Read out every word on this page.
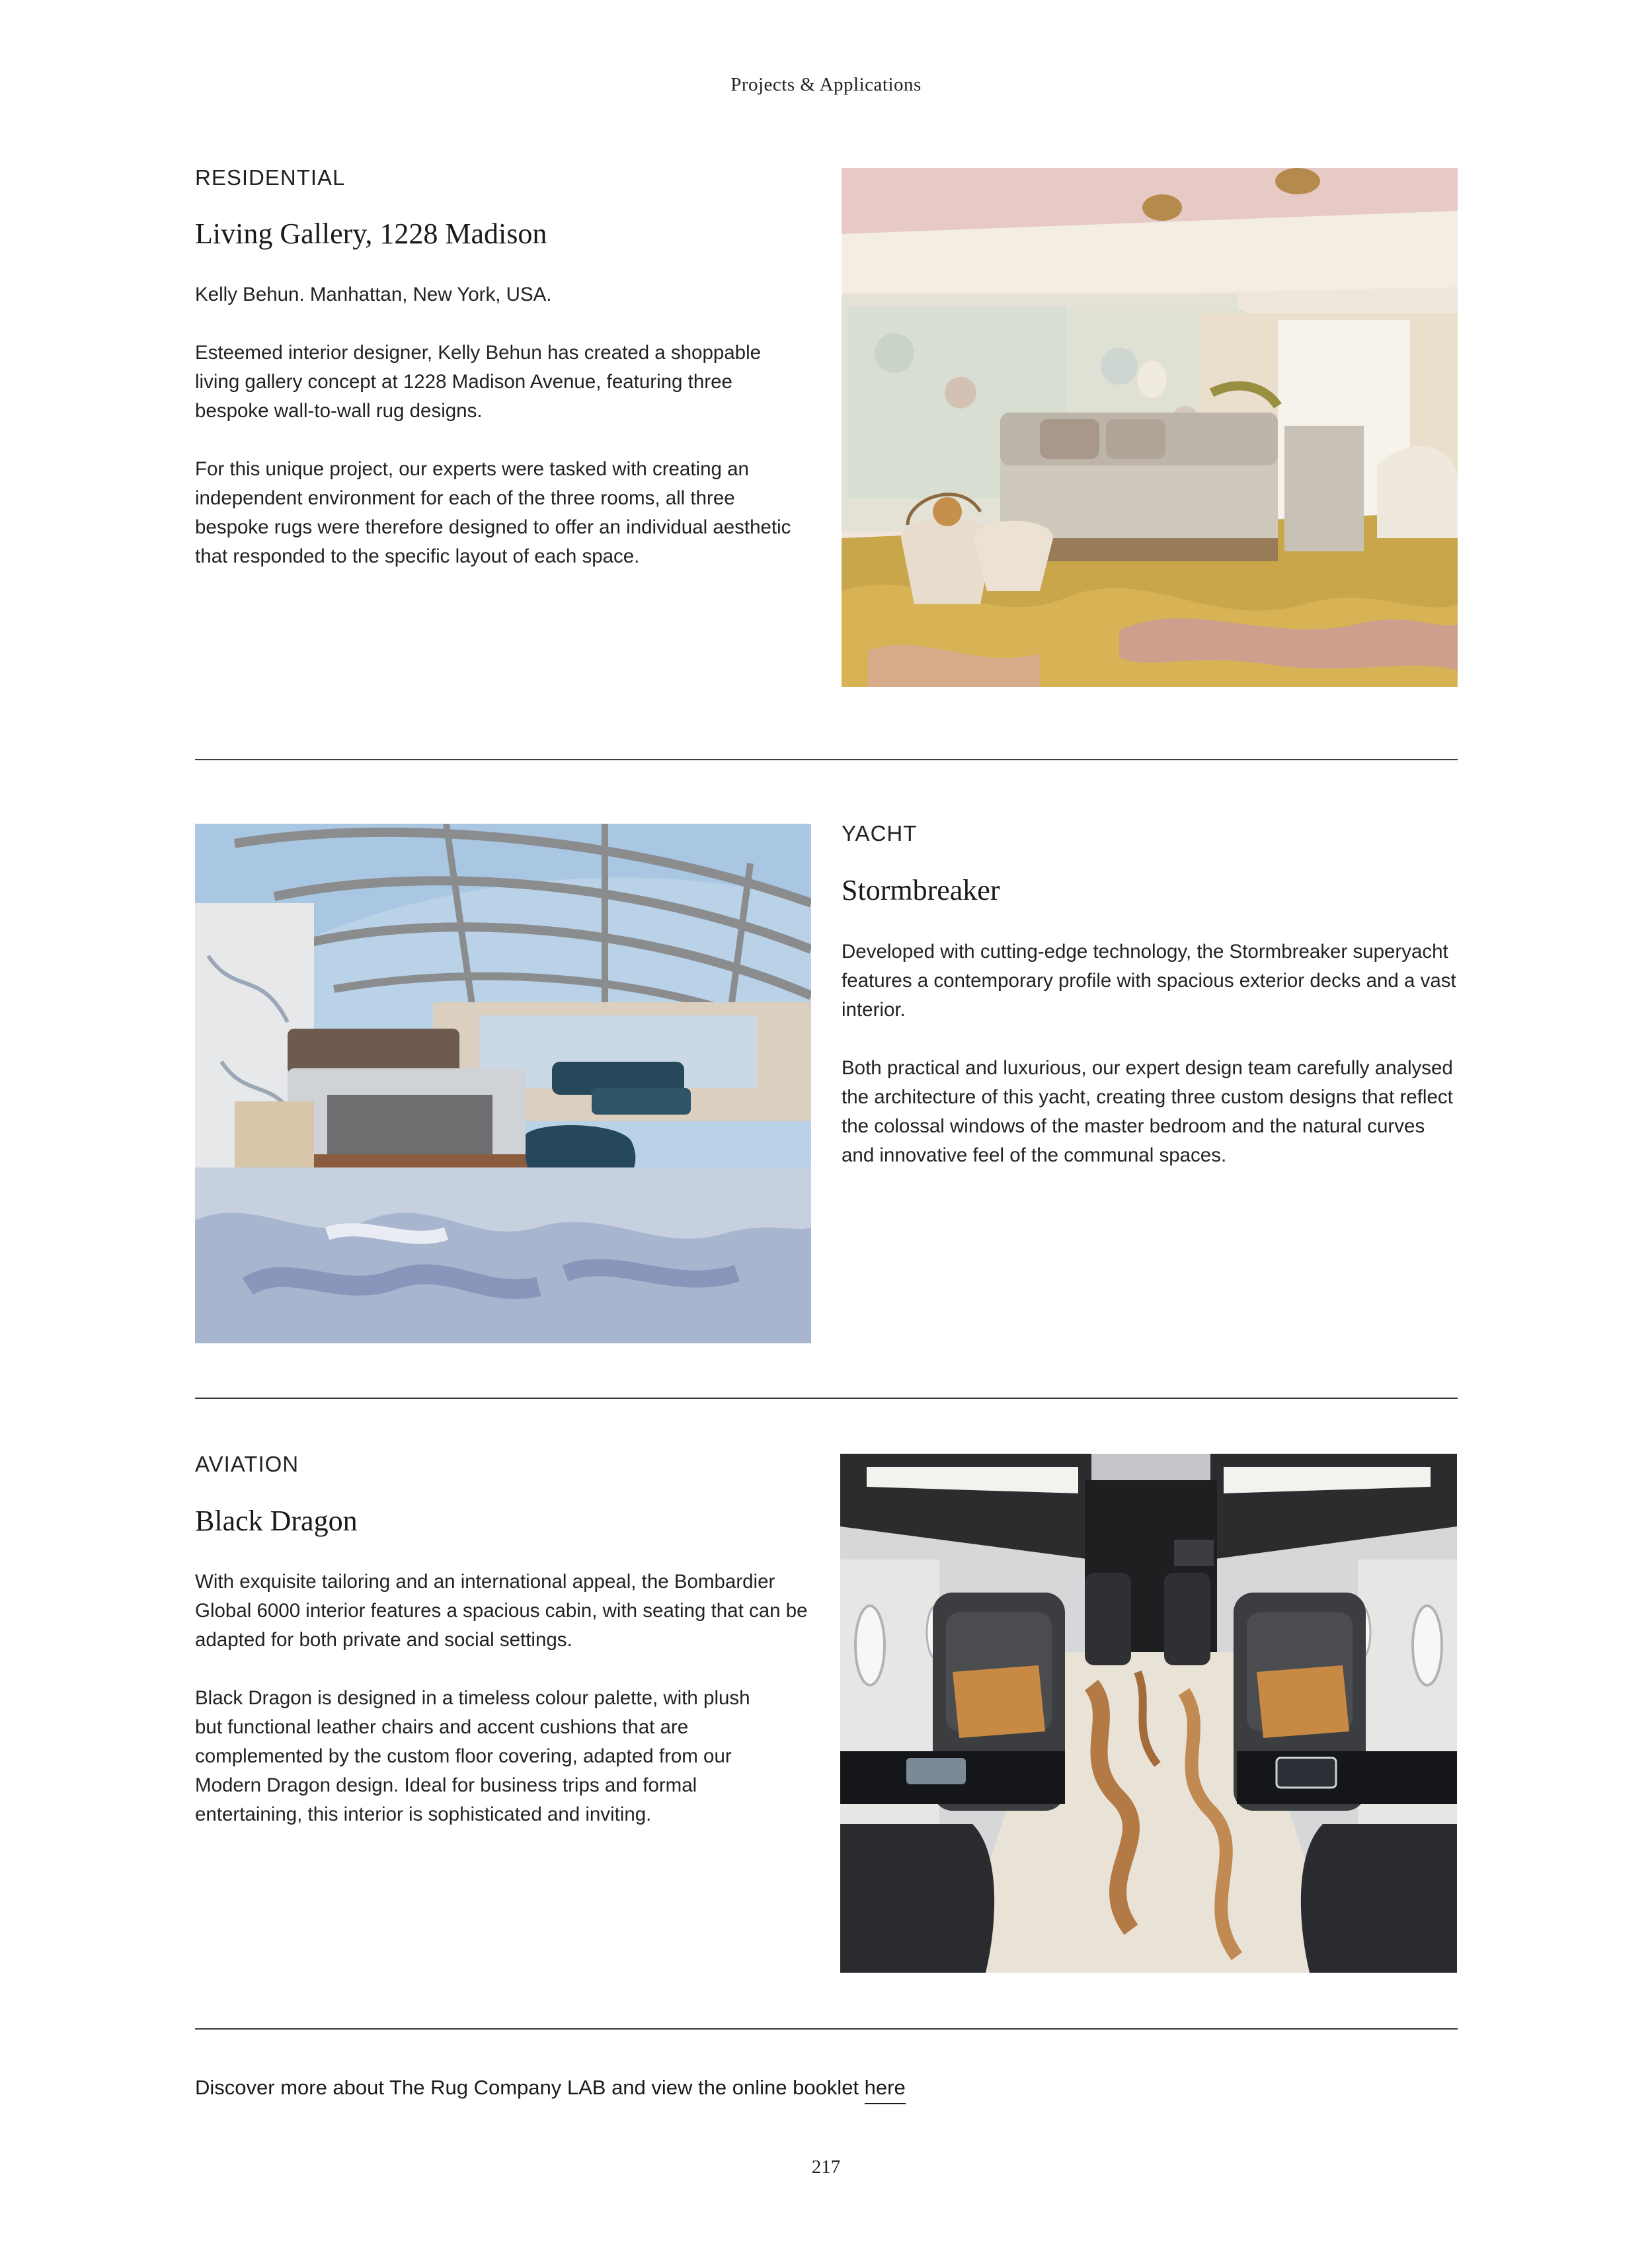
Projects & Applications
RESIDENTIAL
Living Gallery, 1228 Madison

Kelly Behun. Manhattan, New York, USA.

Esteemed interior designer, Kelly Behun has created a shoppable living gallery concept at 1228 Madison Avenue, featuring three bespoke wall-to-wall rug designs.

For this unique project, our experts were tasked with creating an independent environment for each of the three rooms, all three bespoke rugs were therefore designed to offer an individual aesthetic that responded to the specific layout of each space.

YACHT
Stormbreaker

Developed with cutting-edge technology, the Stormbreaker superyacht features a contemporary profile with spacious exterior decks and a vast interior.

Both practical and luxurious, our expert design team carefully analysed the architecture of this yacht, creating three custom designs that reflect the colossal windows of the master bedroom and the natural curves and innovative feel of the communal spaces.

AVIATION
Black Dragon

With exquisite tailoring and an international appeal, the Bombardier Global 6000 interior features a spacious cabin, with seating that can be adapted for both private and social settings.

Black Dragon is designed in a timeless colour palette, with plush but functional leather chairs and accent cushions that are complemented by the custom floor covering, adapted from our Modern Dragon design. Ideal for business trips and formal entertaining, this interior is sophisticated and inviting.

Discover more about The Rug Company LAB and view the online booklet here
217
